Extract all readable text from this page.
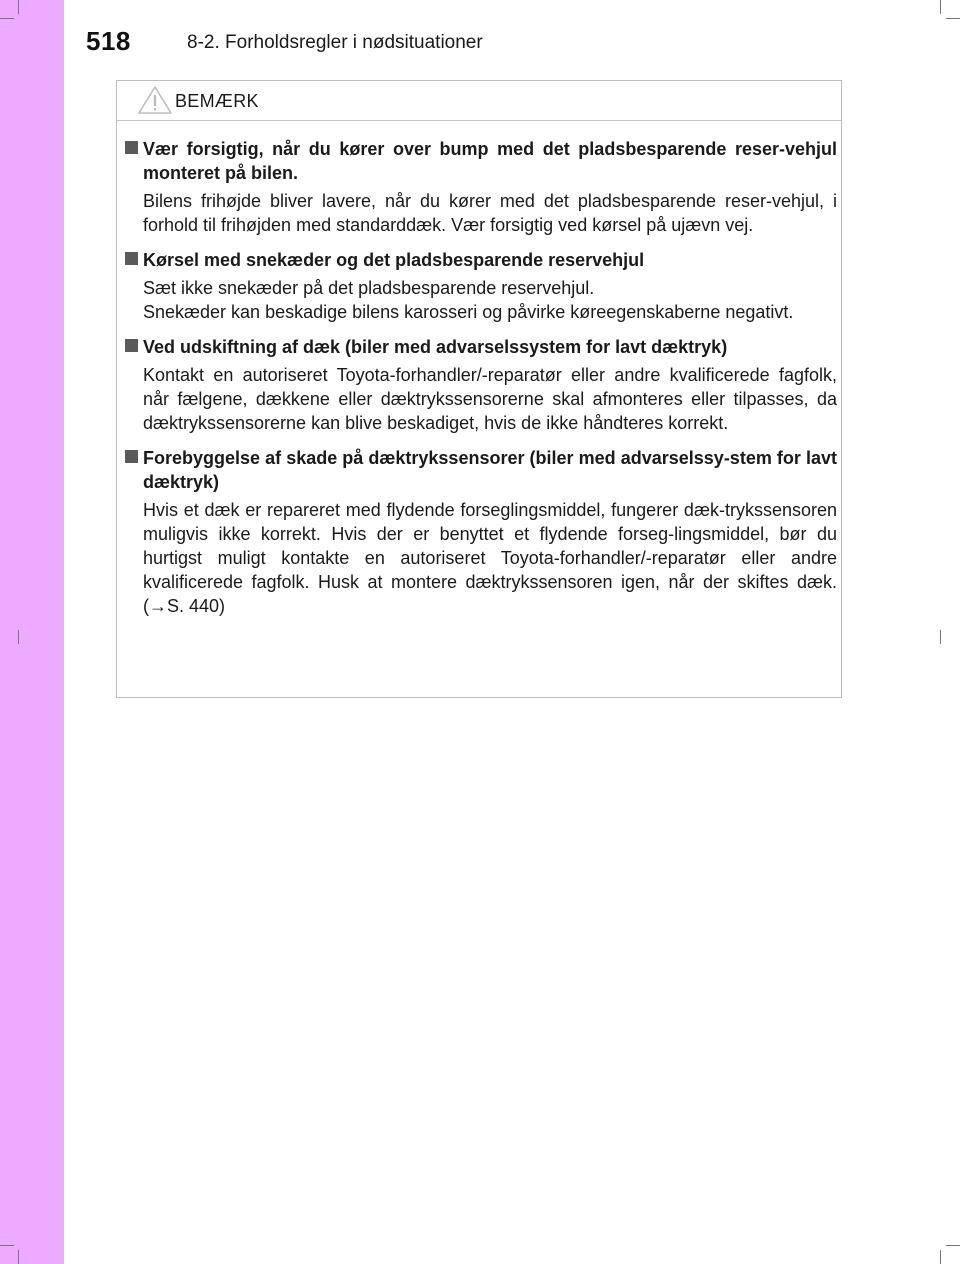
518	8-2. Forholdsregler i nødsituationer
BEMÆRK

Vær forsigtig, når du kører over bump med det pladsbesparende reser-vehjul monteret på bilen.

Bilens frihøjde bliver lavere, når du kører med det pladsbesparende reser-vehjul, i forhold til frihøjden med standarddæk. Vær forsigtig ved kørsel på ujævn vej.

Kørsel med snekæder og det pladsbesparende reservehjul

Sæt ikke snekæder på det pladsbesparende reservehjul.

Snekæder kan beskadige bilens karosseri og påvirke køreegenskaberne negativt.

Ved udskiftning af dæk (biler med advarselssystem for lavt dæktryk)

Kontakt en autoriseret Toyota-forhandler/-reparatør eller andre kvalificerede fagfolk, når fælgene, dækkene eller dæktrykssensorerne skal afmonteres eller tilpasses, da dæktrykssensorerne kan blive beskadiget, hvis de ikke håndteres korrekt.

Forebyggelse af skade på dæktrykssensorer (biler med advarselssy-stem for lavt dæktryk)

Hvis et dæk er repareret med flydende forseglingsmiddel, fungerer dæk-trykssensoren muligvis ikke korrekt. Hvis der er benyttet et flydende forseg-lingsmiddel, bør du hurtigst muligt kontakte en autoriseret Toyota-forhandler/-reparatør eller andre kvalificerede fagfolk. Husk at montere dæktrykssensoren igen, når der skiftes dæk. (→S. 440)
